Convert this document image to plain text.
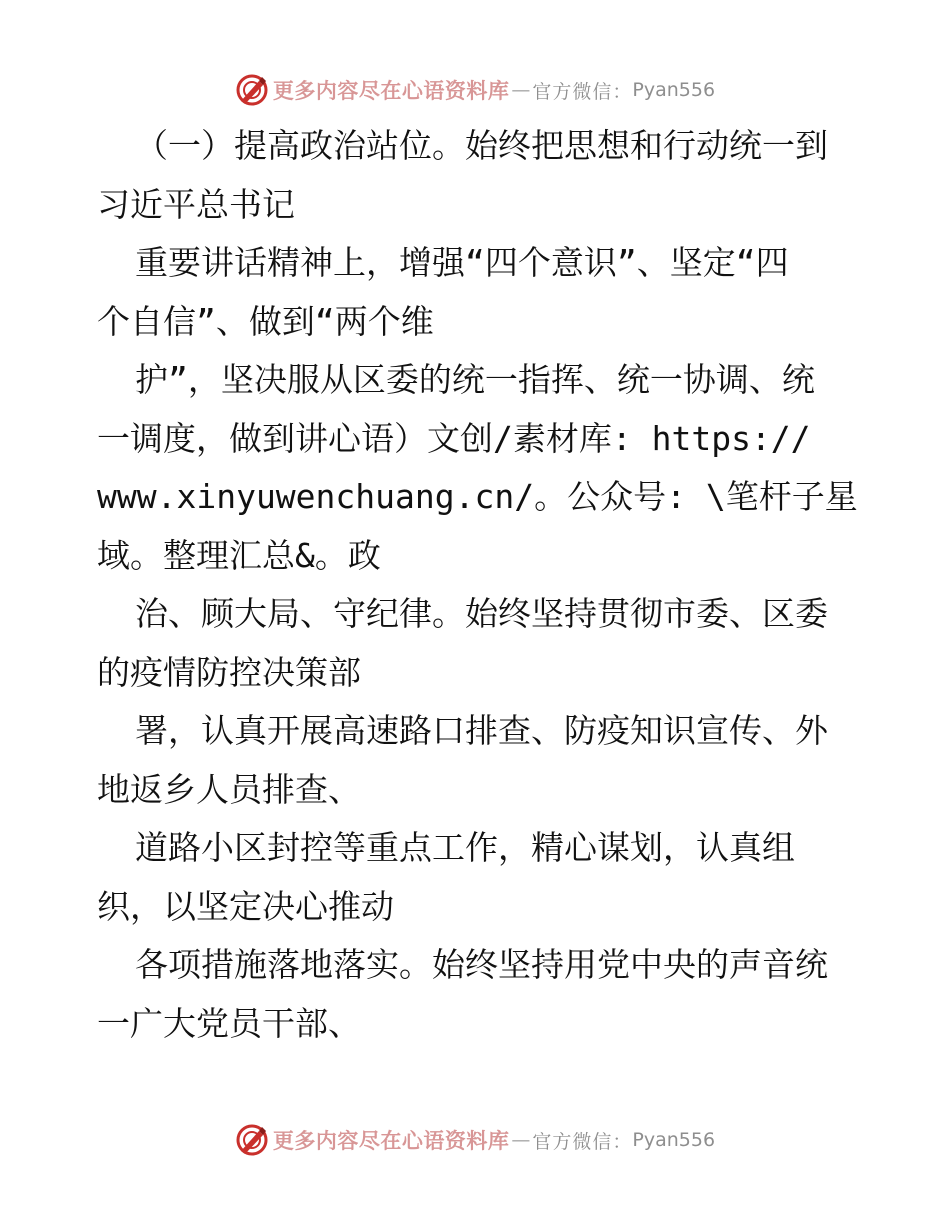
更多内容尽在心语资料库 — 官方微信： Pyan556
（一）提高政治站位。始终把思想和行动统一到
习近平总书记
重要讲话精神上，增强“四个意识”、坚定“四
个自信”、做到“两个维
护”，坚决服从区委的统一指挥、统一协调、统
一调度，做到讲心语）文创/素材库: https://
www.xinyuwenchuang.cn/。公众号: \笔杆子星
域。整理汇总&。政
治、顾大局、守纪律。始终坚持贯彻市委、区委
的疫情防控决策部
署，认真开展高速路口排查、防疫知识宣传、外
地返乡人员排查、
道路小区封控等重点工作，精心谋划，认真组
织，以坚定决心推动
各项措施落地落实。始终坚持用党中央的声音统
一广大党员干部、
更多内容尽在心语资料库 — 官方微信： Pyan556
